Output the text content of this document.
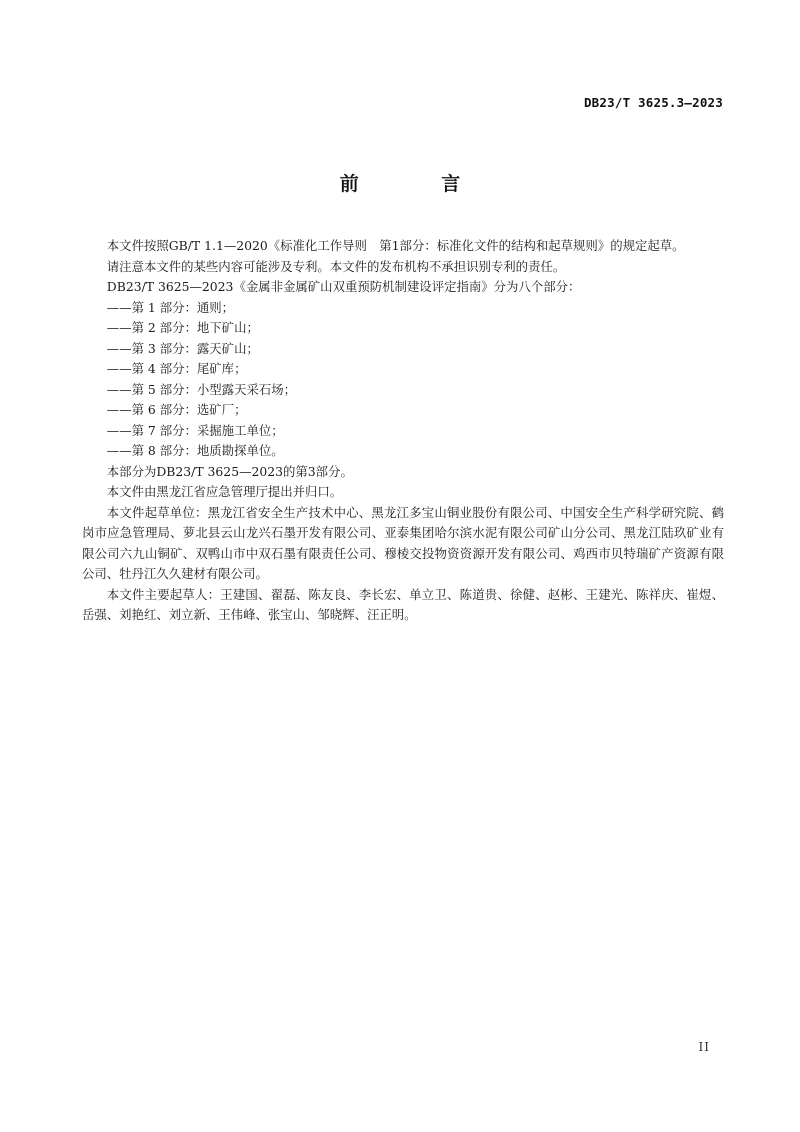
DB23/T 3625.3—2023
前 言

本文件按照GB/T 1.1—2020《标准化工作导则　第1部分：标准化文件的结构和起草规则》的规定起草。

请注意本文件的某些内容可能涉及专利。本文件的发布机构不承担识别专利的责任。

DB23/T 3625—2023《金属非金属矿山双重预防机制建设评定指南》分为八个部分：

——第 1 部分：通则；
——第 2 部分：地下矿山；
——第 3 部分：露天矿山；
——第 4 部分：尾矿库；
——第 5 部分：小型露天采石场；
——第 6 部分：选矿厂；
——第 7 部分：采掘施工单位；
——第 8 部分：地质勘探单位。

本部分为DB23/T 3625—2023的第3部分。

本文件由黑龙江省应急管理厅提出并归口。

本文件起草单位：黑龙江省安全生产技术中心、黑龙江多宝山铜业股份有限公司、中国安全生产科学研究院、鹤岗市应急管理局、萝北县云山龙兴石墨开发有限公司、亚泰集团哈尔滨水泥有限公司矿山分公司、黑龙江陆玖矿业有限公司六九山铜矿、双鸭山市中双石墨有限责任公司、穆棱交投物资资源开发有限公司、鸡西市贝特瑞矿产资源有限公司、牡丹江久久建材有限公司。

本文件主要起草人：王建国、翟磊、陈友良、李长宏、单立卫、陈道贵、徐健、赵彬、王建光、陈祥庆、崔煜、岳强、刘艳红、刘立新、王伟峰、张宝山、邹晓辉、汪正明。

II
